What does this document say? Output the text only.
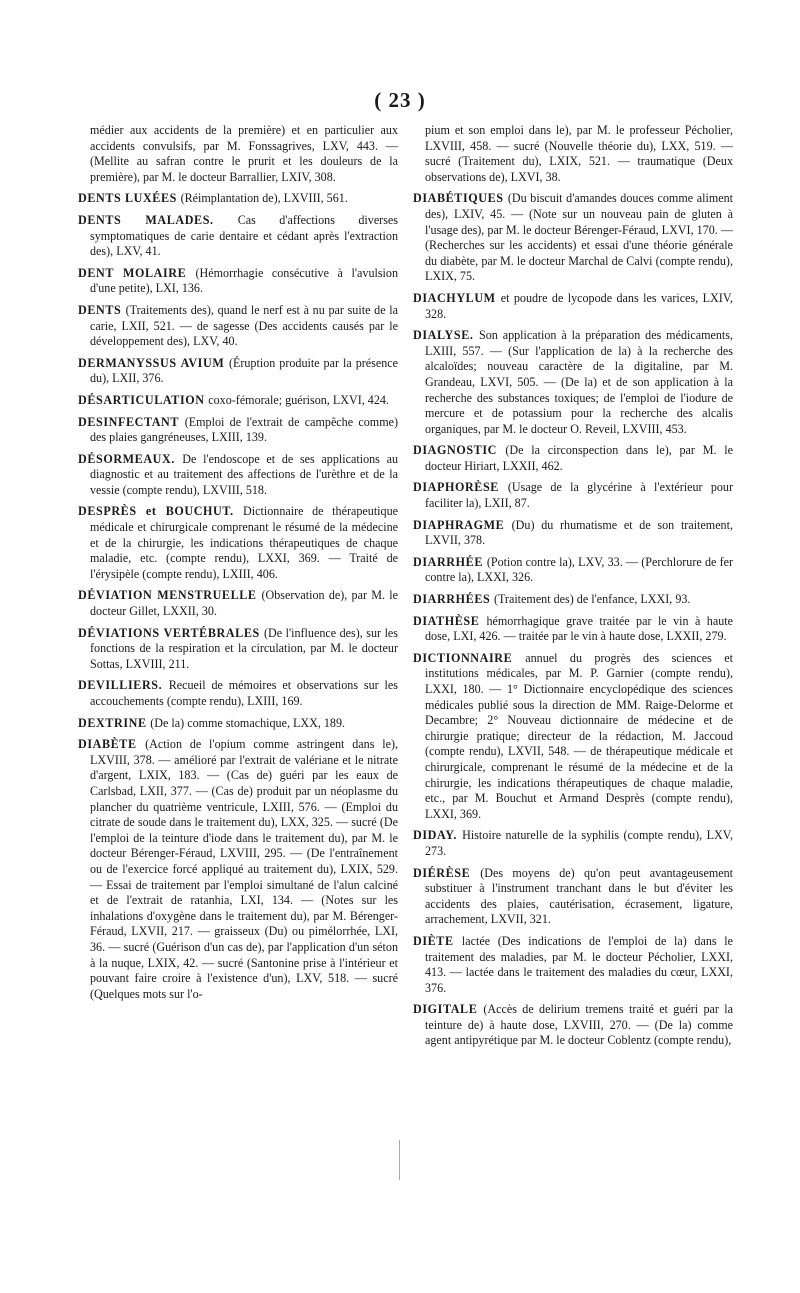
( 23 )

médier aux accidents de la première) et en particulier aux accidents convulsifs, par M. Fonssagrives, LXV, 443. — (Mellite au safran contre le prurit et les douleurs de la première), par M. le docteur Barrallier, LXIV, 308.

DENTS LUXÉES (Réimplantation de), LXVIII, 561.

DENTS MALADES. Cas d'affections diverses symptomatiques de carie dentaire et cédant après l'extraction des), LXV, 41.

DENT MOLAIRE (Hémorrhagie consécutive à l'avulsion d'une petite), LXI, 136.

DENTS (Traitements des), quand le nerf est à nu par suite de la carie, LXII, 521. — de sagesse (Des accidents causés par le développement des), LXV, 40.

DERMANYSSUS AVIUM (Éruption produite par la présence du), LXII, 376.

DÉSARTICULATION coxo-fémorale; guérison, LXVI, 424.

DESINFECTANT (Emploi de l'extrait de campêche comme) des plaies gangréneuses, LXIII, 139.

DÉSORMEAUX. De l'endoscope et de ses applications au diagnostic et au traitement des affections de l'urèthre et de la vessie (compte rendu), LXVIII, 518.

DESPRÈS et BOUCHUT. Dictionnaire de thérapeutique médicale et chirurgicale comprenant le résumé de la médecine et de la chirurgie, les indications thérapeutiques de chaque maladie, etc. (compte rendu), LXXI, 369. — Traité de l'érysipèle (compte rendu), LXIII, 406.

DÉVIATION MENSTRUELLE (Observation de), par M. le docteur Gillet, LXXII, 30.

DÉVIATIONS VERTÉBRALES (De l'influence des), sur les fonctions de la respiration et la circulation, par M. le docteur Sottas, LXVIII, 211.

DEVILLIERS. Recueil de mémoires et observations sur les accouchements (compte rendu), LXIII, 169.

DEXTRINE (De la) comme stomachique, LXX, 189.

DIABÈTE (Action de l'opium comme astringent dans le), LXVIII, 378. — amélioré par l'extrait de valériane et le nitrate d'argent, LXIX, 183. — (Cas de) guéri par les eaux de Carlsbad, LXII, 377. — (Cas de) produit par un néoplasme du plancher du quatrième ventricule, LXIII, 576. — (Emploi du citrate de soude dans le traitement du), LXX, 325. — sucré (De l'emploi de la teinture d'iode dans le traitement du), par M. le docteur Bérenger-Féraud, LXVIII, 295. — (De l'entraînement ou de l'exercice forcé appliqué au traitement du), LXIX, 529. — Essai de traitement par l'emploi simultané de l'alun calciné et de l'extrait de ratanhia, LXI, 134. — (Notes sur les inhalations d'oxygène dans le traitement du), par M. Bérenger-Féraud, LXVII, 217. — graisseux (Du) ou pimélorrhée, LXI, 36. — sucré (Guérison d'un cas de), par l'application d'un séton à la nuque, LXIX, 42. — sucré (Santonine prise à l'intérieur et pouvant faire croire à l'existence d'un), LXV, 518. — sucré (Quelques mots sur l'o-

pium et son emploi dans le), par M. le professeur Pécholier, LXVIII, 458. — sucré (Nouvelle théorie du), LXX, 519. — sucré (Traitement du), LXIX, 521. — traumatique (Deux observations de), LXVI, 38.

DIABÉTIQUES (Du biscuit d'amandes douces comme aliment des), LXIV, 45. — (Note sur un nouveau pain de gluten à l'usage des), par M. le docteur Bérenger-Féraud, LXVI, 170. — (Recherches sur les accidents) et essai d'une théorie générale du diabète, par M. le docteur Marchal de Calvi (compte rendu), LXIX, 75.

DIACHYLUM et poudre de lycopode dans les varices, LXIV, 328.

DIALYSE. Son application à la préparation des médicaments, LXIII, 557. — (Sur l'application de la) à la recherche des alcaloïdes; nouveau caractère de la digitaline, par M. Grandeau, LXVI, 505. — (De la) et de son application à la recherche des substances toxiques; de l'emploi de l'iodure de mercure et de potassium pour la recherche des alcalis organiques, par M. le docteur O. Reveil, LXVIII, 453.

DIAGNOSTIC (De la circonspection dans le), par M. le docteur Hiriart, LXXII, 462.

DIAPHORÈSE (Usage de la glycérine à l'extérieur pour faciliter la), LXII, 87.

DIAPHRAGME (Du) du rhumatisme et de son traitement, LXVII, 378.

DIARRHÉE (Potion contre la), LXV, 33. — (Perchlorure de fer contre la), LXXI, 326.

DIARRHÉES (Traitement des) de l'enfance, LXXI, 93.

DIATHÈSE hémorrhagique grave traitée par le vin à haute dose, LXI, 426. — traitée par le vin à haute dose, LXXII, 279.

DICTIONNAIRE annuel du progrès des sciences et institutions médicales, par M. P. Garnier (compte rendu), LXXI, 180. — 1° Dictionnaire encyclopédique des sciences médicales publié sous la direction de MM. Raige-Delorme et Decambre; 2° Nouveau dictionnaire de médecine et de chirurgie pratique; directeur de la rédaction, M. Jaccoud (compte rendu), LXVII, 548. — de thérapeutique médicale et chirurgicale, comprenant le résumé de la médecine et de la chirurgie, les indications thérapeutiques de chaque maladie, etc., par M. Bouchut et Armand Desprès (compte rendu), LXXI, 369.

DIDAY. Histoire naturelle de la syphilis (compte rendu), LXV, 273.

DIÉRÈSE (Des moyens de) qu'on peut avantageusement substituer à l'instrument tranchant dans le but d'éviter les accidents des plaies, cautérisation, écrasement, ligature, arrachement, LXVII, 321.

DIÈTE lactée (Des indications de l'emploi de la) dans le traitement des maladies, par M. le docteur Pécholier, LXXI, 413. — lactée dans le traitement des maladies du cœur, LXXI, 376.

DIGITALE (Accès de delirium tremens traité et guéri par la teinture de) à haute dose, LXVIII, 270. — (De la) comme agent antipyrétique par M. le docteur Coblentz (compte rendu),
